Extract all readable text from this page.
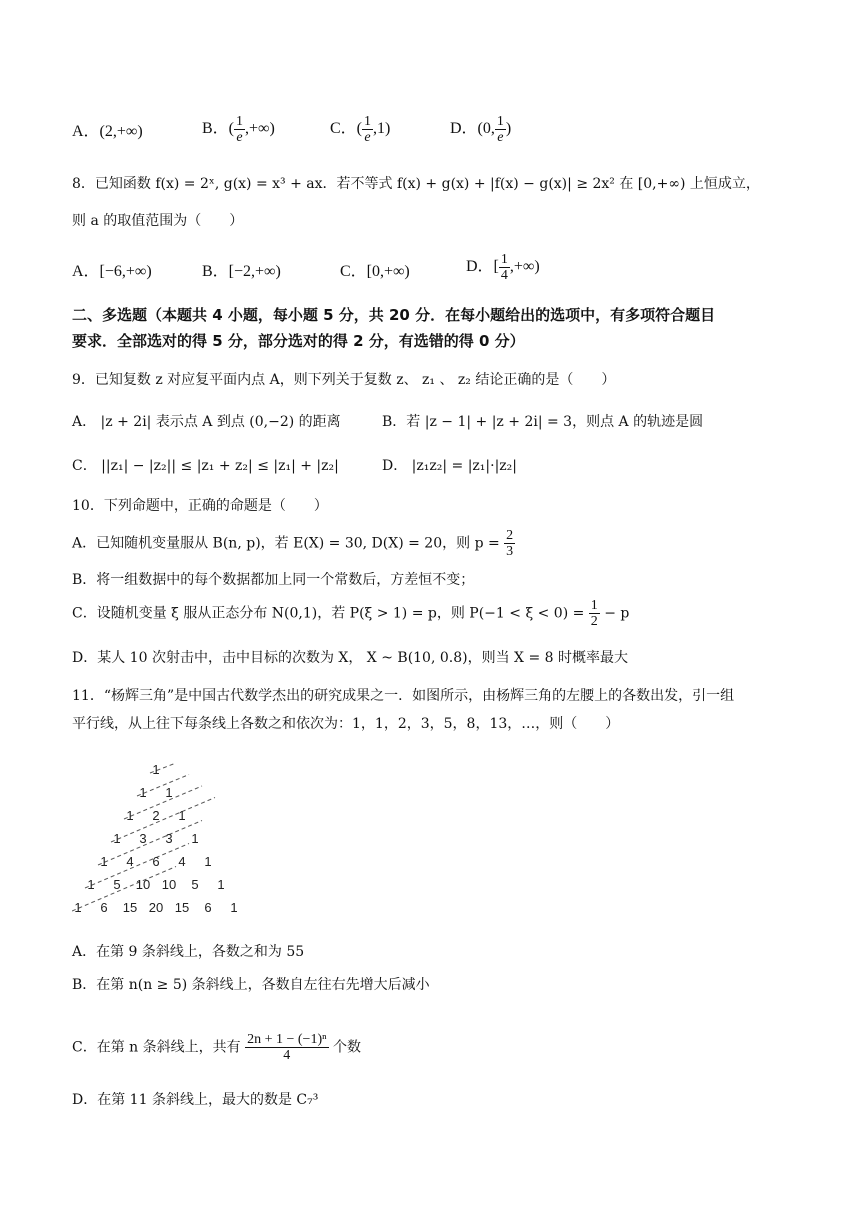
A．(2,+∞)	B．( $\frac{1}{e}$ ,+∞)	C．( $\frac{1}{e} ,1$)	D．(0, $\frac{1}{e}$ )
8．已知函数 f(x) = 2ˣ, g(x) = x³ + ax．若不等式 f(x) + g(x) + |f(x) − g(x)| ≥ 2x² 在 [0,+∞) 上恒成立，
则 a 的取值范围为（　　）
A．[−6,+∞)	B．[−2,+∞)	C．[0,+∞)	D．[ $\frac{1}{4}$ ,+∞)
二、多选题（本题共 4 小题，每小题 5 分，共 20 分．在每小题给出的选项中，有多项符合题目
要求．全部选对的得 5 分，部分选对的得 2 分，有选错的得 0 分）
9．已知复数 z 对应复平面内点 A，则下列关于复数 z、 z₁ 、 z₂ 结论正确的是（　　）
A． |z + 2i| 表示点 A 到点 (0,−2) 的距离	B．若 |z − 1| + |z + 2i| = 3，则点 A 的轨迹是圆
C． ||z₁| − |z₂|| ≤ |z₁ + z₂| ≤ |z₁| + |z₂|	D． |z₁z₂| = |z₁|·|z₂|
10．下列命题中，正确的命题是（　　）
A．已知随机变量服从 B(n, p)，若 E(X) = 30, D(X) = 20，则 $p = \frac{2}{3}$
B．将一组数据中的每个数据都加上同一个常数后，方差恒不变；
C．设随机变量 ξ 服从正态分布 N(0,1)，若 P(ξ > 1) = p，则 $P(-1 < \xi < 0) = \frac{1}{2} - p$
D．某人 10 次射击中，击中目标的次数为 X， X ~ B(10, 0.8)，则当 X = 8 时概率最大
11．“杨辉三角”是中国古代数学杰出的研究成果之一．如图所示，由杨辉三角的左腰上的各数出发，引一组
平行线，从上往下每条线上各数之和依次为：1，1，2，3，5，8，13，…，则（　　）
1
1 1
1 2 1
1 3 3 1
1 4 6 4 1
1 5 10 10 5 1
1 6 15 20 15 6 1
A．在第 9 条斜线上，各数之和为 55
B．在第 n(n ≥ 5) 条斜线上，各数自左往右先增大后减小
C．在第 n 条斜线上，共有 $\frac{\text{2n + 1 − (−1)ⁿ}}{4}$ 个数
D．在第 11 条斜线上，最大的数是 C₇³
